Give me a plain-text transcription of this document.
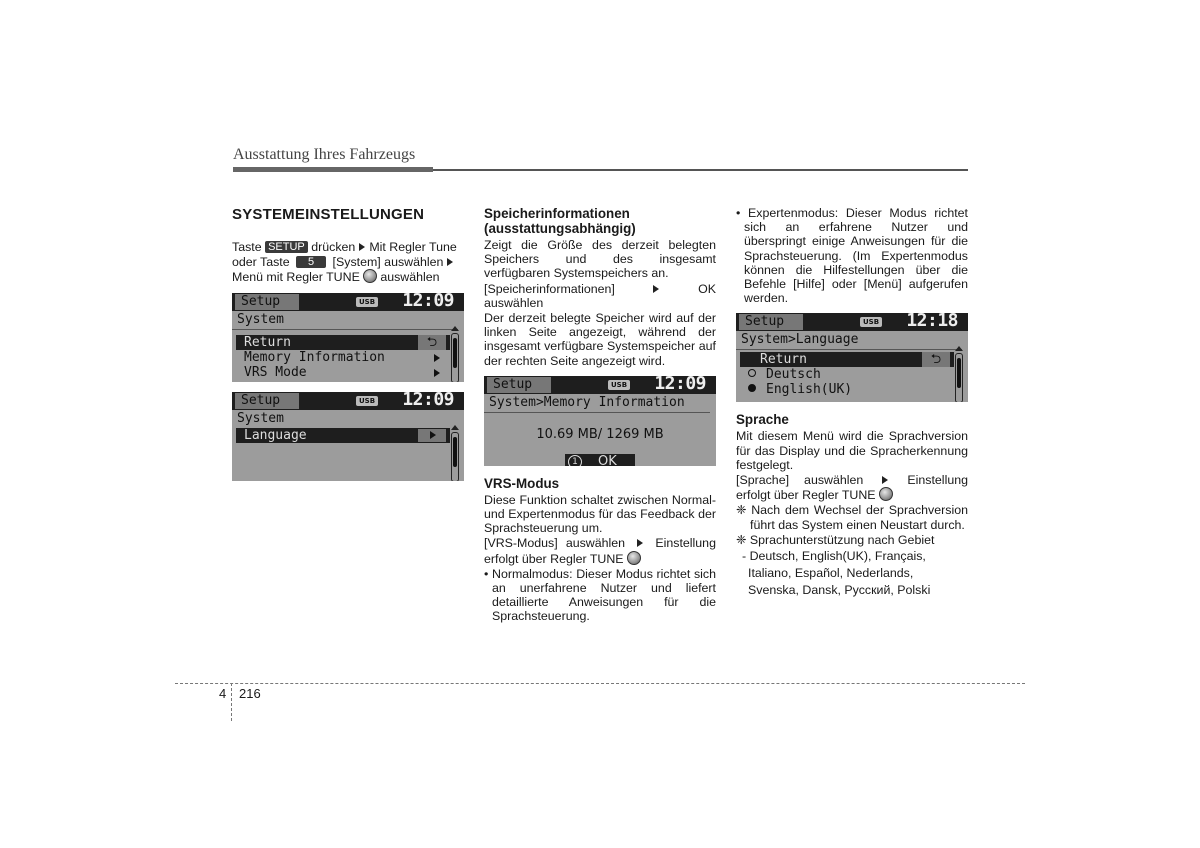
Ausstattung Ihres Fahrzeugs
SYSTEMEINSTELLUNGEN
Taste SETUP drücken Mit Regler Tune
oder Taste 5 [System] auswählen
Menü mit Regler TUNE auswählen
Setup	USB 12:09
System
Return	⮌
Memory Information
VRS Mode
Setup	USB 12:09
System
Language
Speicherinformationen
(ausstattungsabhängig)

Zeigt die Größe des derzeit belegten Speichers und des insgesamt verfügbaren Systemspeichers an.

[Speicherinformationen]	OK

auswählen

Der derzeit belegte Speicher wird auf der linken Seite angezeigt, während der insgesamt verfügbare Systemspeicher auf der rechten Seite angezeigt wird.

Setup	USB 12:09
System>Memory Information
10.69 MB/ 1269 MB
1	OK
VRS-Modus

Diese Funktion schaltet zwischen Normal- und Expertenmodus für das Feedback der Sprachsteuerung um.

[VRS-Modus] auswählen Einstellung

erfolgt über Regler TUNE

• Normalmodus: Dieser Modus richtet sich an unerfahrene Nutzer und liefert detaillierte Anweisungen für die Sprachsteuerung.

• Expertenmodus: Dieser Modus richtet sich an erfahrene Nutzer und überspringt einige Anweisungen für die Sprachsteuerung. (Im Expertenmodus können die Hilfestellungen über die Befehle [Hilfe] oder [Menü] aufgerufen werden.

Setup	USB 12:18
System>Language
Return	⮌
Deutsch
English(UK)
Sprache

Mit diesem Menü wird die Sprachversion für das Display und die Spracherkennung festgelegt.

[Sprache] auswählen	Einstellung

erfolgt über Regler TUNE

❈ Nach dem Wechsel der Sprachversion führt das System einen Neustart durch.

❈ Sprachunterstützung nach Gebiet

- Deutsch, English(UK), Français,
Italiano, Español, Nederlands,
Svenska, Dansk, Русский, Polski
4 216
